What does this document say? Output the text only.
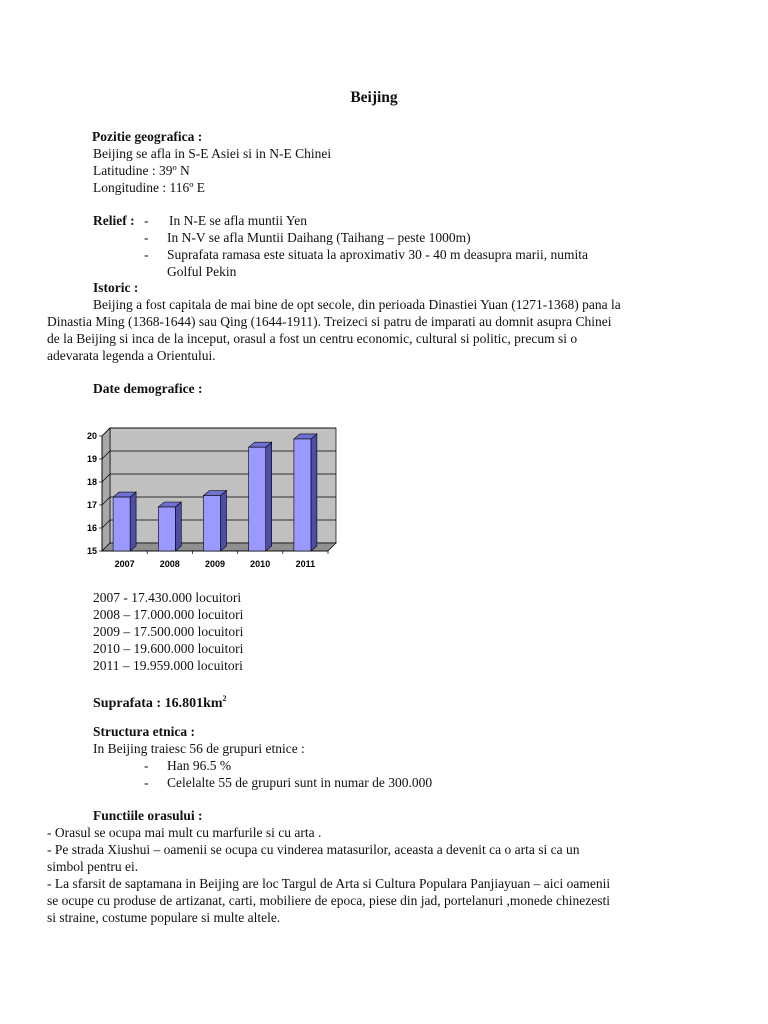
Beijing
Pozitie geografica :
Beijing se afla in S-E Asiei si in N-E Chinei
Latitudine : 39º N
Longitudine : 116º E
Relief : - In N-E se afla muntii Yen
- In N-V se afla Muntii Daihang (Taihang – peste 1000m)
- Suprafata ramasa este situata la aproximativ 30 - 40 m deasupra marii, numita
Golful Pekin
Istoric :
Beijing a fost capitala de mai bine de opt secole, din perioada Dinastiei Yuan (1271-1368) pana la
Dinastia Ming (1368-1644) sau Qing (1644-1911). Treizeci si patru de imparati au domnit asupra Chinei
de la Beijing si inca de la inceput, orasul a fost un centru economic, cultural si politic, precum si o
adevarata legenda a Orientului.
Date demografice :
15
16
17
18
19
20
2007	2008	2009	2010	2011
2007 - 17.430.000 locuitori
2008 – 17.000.000 locuitori
2009 – 17.500.000 locuitori
2010 – 19.600.000 locuitori
2011 – 19.959.000 locuitori
Suprafata : $16.801km^2$
Structura etnica :
In Beijing traiesc 56 de grupuri etnice :
- Han 96.5 %
- Celelalte 55 de grupuri sunt in numar de 300.000
Functiile orasului :
- Orasul se ocupa mai mult cu marfurile si cu arta .
- Pe strada Xiushui – oamenii se ocupa cu vinderea matasurilor, aceasta a devenit ca o arta si ca un
simbol pentru ei.
- La sfarsit de saptamana in Beijing are loc Targul de Arta si Cultura Populara Panjiayuan – aici oamenii
se ocupe cu produse de artizanat, carti, mobiliere de epoca, piese din jad, portelanuri ,monede chinezesti
si straine, costume populare si multe altele.
